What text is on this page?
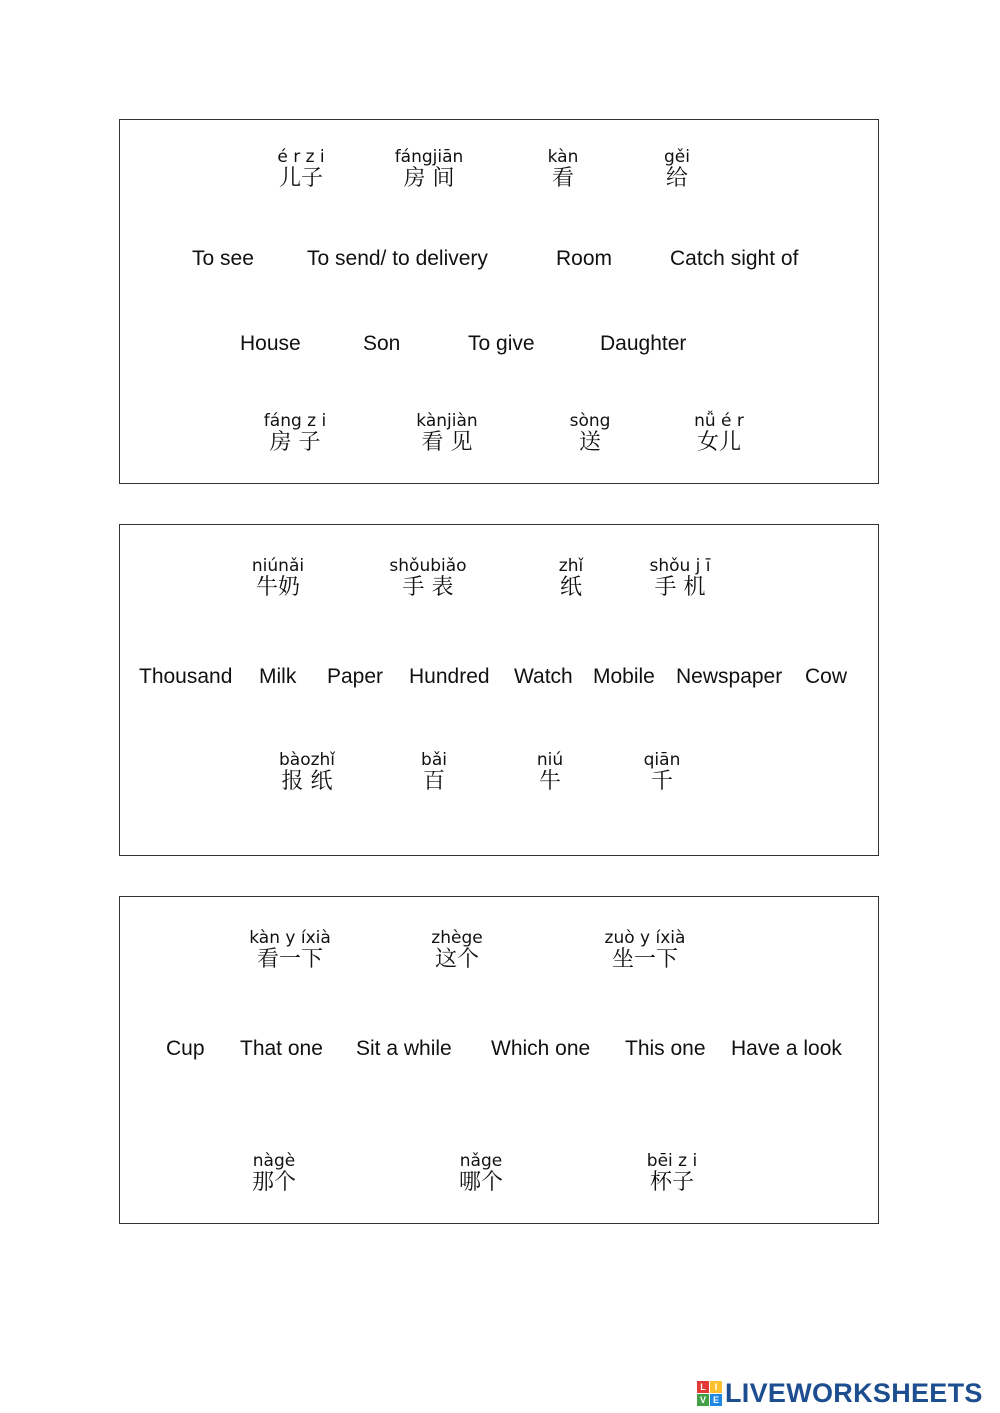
é r z i
儿子
fángjiān
房 间
kàn
看
gěi
给
To see	To send/ to delivery	Room	Catch sight of
House	Son	To give	Daughter
fáng z i
房 子
kànjiàn
看 见
sòng
送
nǚ é r
女儿
niúnǎi
牛奶
shǒubiǎo
手 表
zhǐ
纸
shǒu j ī
手 机
Thousand Milk Paper Hundred Watch Mobile Newspaper Cow
bàozhǐ
报 纸
bǎi
百
niú
牛
qiān
千
kàn y íxià
看一下
zhège
这个
zuò y íxià
坐一下
Cup That one Sit a while Which one This one Have a look
nàgè
那个
nǎge
哪个
bēi z i
杯子
L I
V E LIVEWORKSHEETS
